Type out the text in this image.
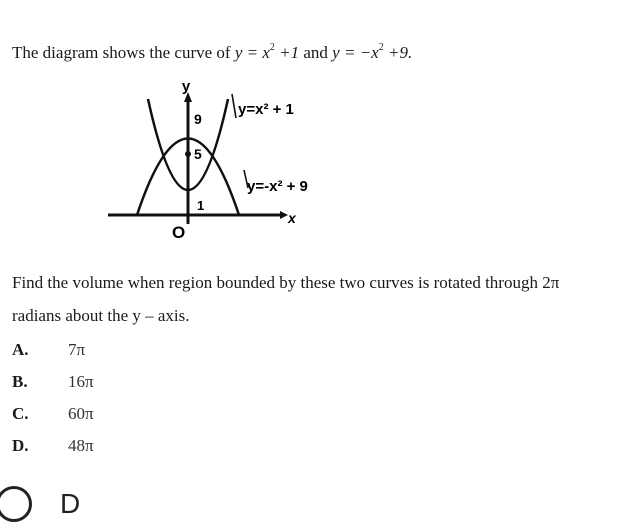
The diagram shows the curve of $y = x^2 +1$ and $y = -x^2 +9$.
y
x
O
9
5
1
y=x² + 1
y=-x² + 9
Find the volume when region bounded by these two curves is rotated through 2π
radians about the y – axis.
A.	7π
B.	16π
C.	60π
D.	48π
D
